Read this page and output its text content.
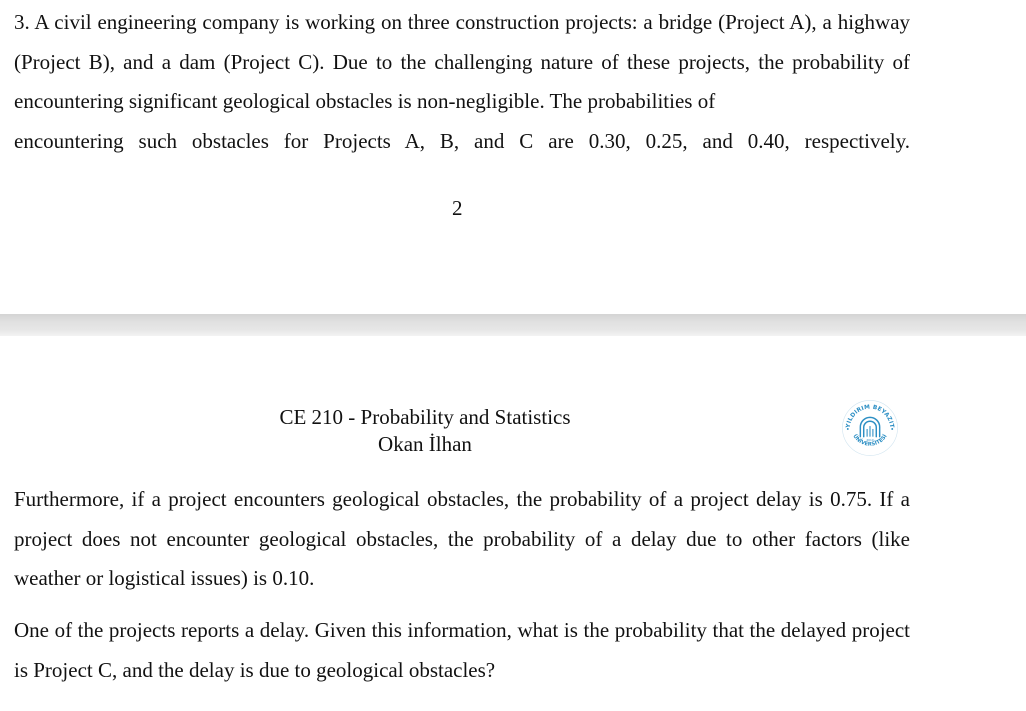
3. A civil engineering company is working on three construction projects: a bridge (Project A), a highway (Project B), and a dam (Project C). Due to the challenging nature of these projects, the probability of encountering significant geological obstacles is non-negligible. The probabilities of
encountering such obstacles for Projects A, B, and C are 0.30, 0.25, and 0.40, respectively.

2
CE 210 - Probability and Statistics
Okan İlhan
YILDIRIM BEYAZIT
ÜNİVERSİTESİ
2010

Furthermore, if a project encounters geological obstacles, the probability of a project delay is 0.75. If a project does not encounter geological obstacles, the probability of a delay due to other factors (like weather or logistical issues) is 0.10.

One of the projects reports a delay. Given this information, what is the probability that the delayed project is Project C, and the delay is due to geological obstacles?
